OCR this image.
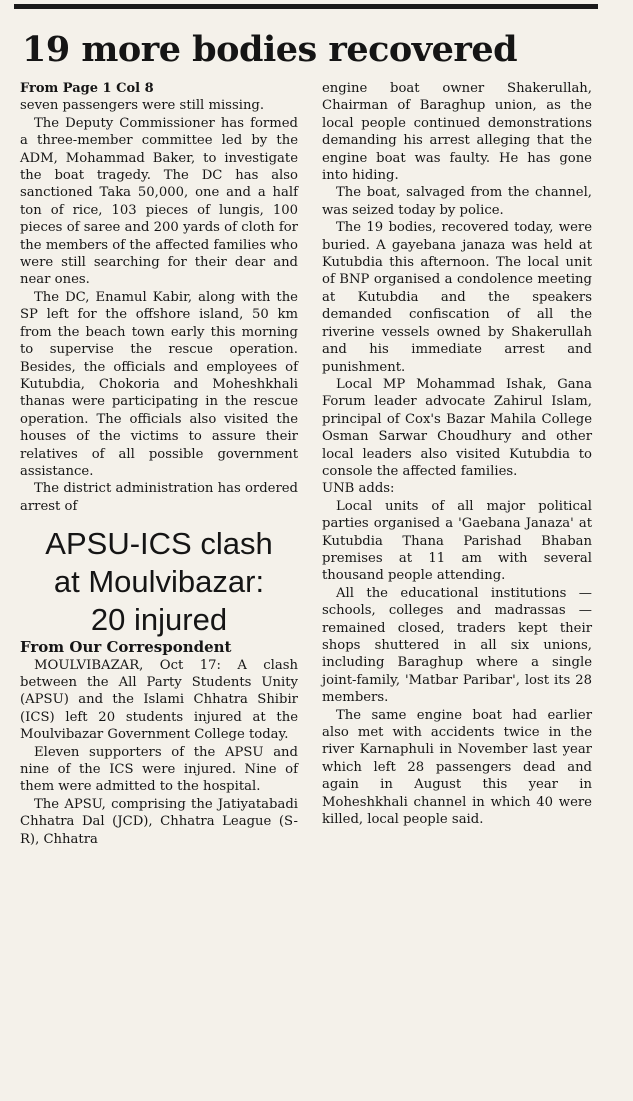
19 more bodies recovered

From Page 1 Col 8

seven passengers were still missing.

The Deputy Commissioner has formed a three-member committee led by the ADM, Mohammad Baker, to investigate the boat tragedy. The DC has also sanctioned Taka 50,000, one and a half ton of rice, 103 pieces of lungis, 100 pieces of saree and 200 yards of cloth for the members of the affected families who were still searching for their dear and near ones.

The DC, Enamul Kabir, along with the SP left for the offshore island, 50 km from the beach town early this morning to supervise the rescue operation. Besides, the officials and employees of Kutubdia, Chokoria and Moheshkhali thanas were participating in the rescue operation. The officials also visited the houses of the victims to assure their relatives of all possible government assistance.

The district administration has ordered arrest of

APSU-ICS clash
at Moulvibazar:
20 injured

From Our Correspondent

MOULVIBAZAR, Oct 17: A clash between the All Party Students Unity (APSU) and the Islami Chhatra Shibir (ICS) left 20 students injured at the Moulvibazar Government College today.

Eleven supporters of the APSU and nine of the ICS were injured. Nine of them were admitted to the hospital.

The APSU, comprising the Jatiyatabadi Chhatra Dal (JCD), Chhatra League (S-R), Chhatra

engine boat owner Shakerullah, Chairman of Baraghup union, as the local people continued demonstrations demanding his arrest alleging that the engine boat was faulty. He has gone into hiding.

The boat, salvaged from the channel, was seized today by police.

The 19 bodies, recovered today, were buried. A gayebana janaza was held at Kutubdia this afternoon. The local unit of BNP organised a condolence meeting at Kutubdia and the speakers demanded confiscation of all the riverine vessels owned by Shakerullah and his immediate arrest and punishment.

Local MP Mohammad Ishak, Gana Forum leader advocate Zahirul Islam, principal of Cox's Bazar Mahila College Osman Sarwar Choudhury and other local leaders also visited Kutubdia to console the affected families.

UNB adds:

Local units of all major political parties organised a 'Gaebana Janaza' at Kutubdia Thana Parishad Bhaban premises at 11 am with several thousand people attending.

All the educational institutions — schools, colleges and madrassas — remained closed, traders kept their shops shuttered in all six unions, including Baraghup where a single joint-family, 'Matbar Paribar', lost its 28 members.

The same engine boat had earlier also met with accidents twice in the river Karnaphuli in November last year which left 28 passengers dead and again in August this year in Moheshkhali channel in which 40 were killed, local people said.
